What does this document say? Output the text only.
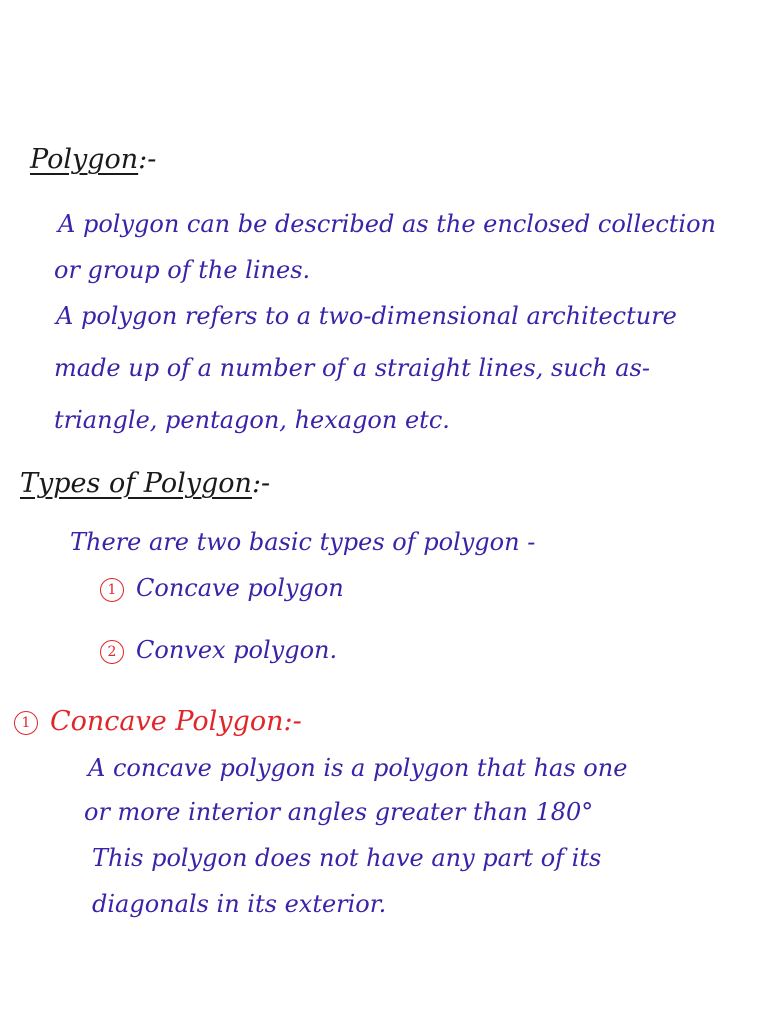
Polygon:-
A polygon can be described as the enclosed collection
or group of the lines.
A polygon refers to a two-dimensional architecture
made up of a number of a straight lines, such as-
triangle, pentagon, hexagon etc.
Types of Polygon:-
There are two basic types of polygon -
1 Concave polygon
2 Convex polygon.
1 Concave Polygon:-
A concave polygon is a polygon that has one
or more interior angles greater than 180°
This polygon does not have any part of its
diagonals in its exterior.
